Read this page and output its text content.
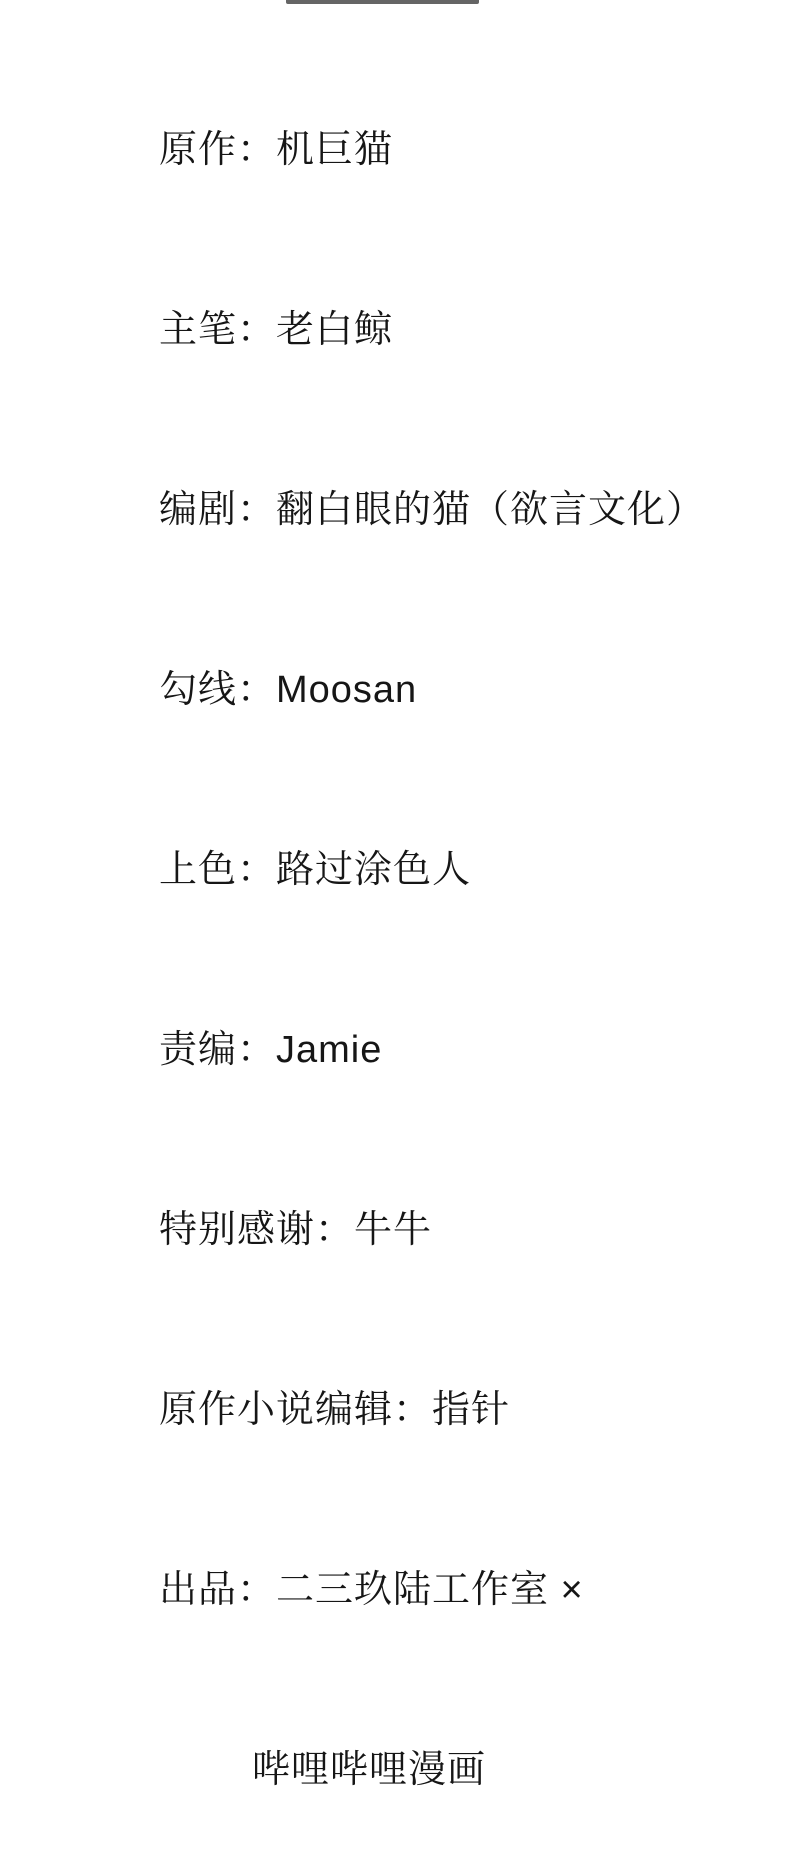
原作：机巨猫

主笔：老白鲸

编剧：翻白眼的猫（欲言文化）

勾线：Moosan

上色：路过涂色人

责编：Jamie

特别感谢：牛牛

原作小说编辑：指针

出品：二三玖陆工作室 ×

哔哩哔哩漫画
